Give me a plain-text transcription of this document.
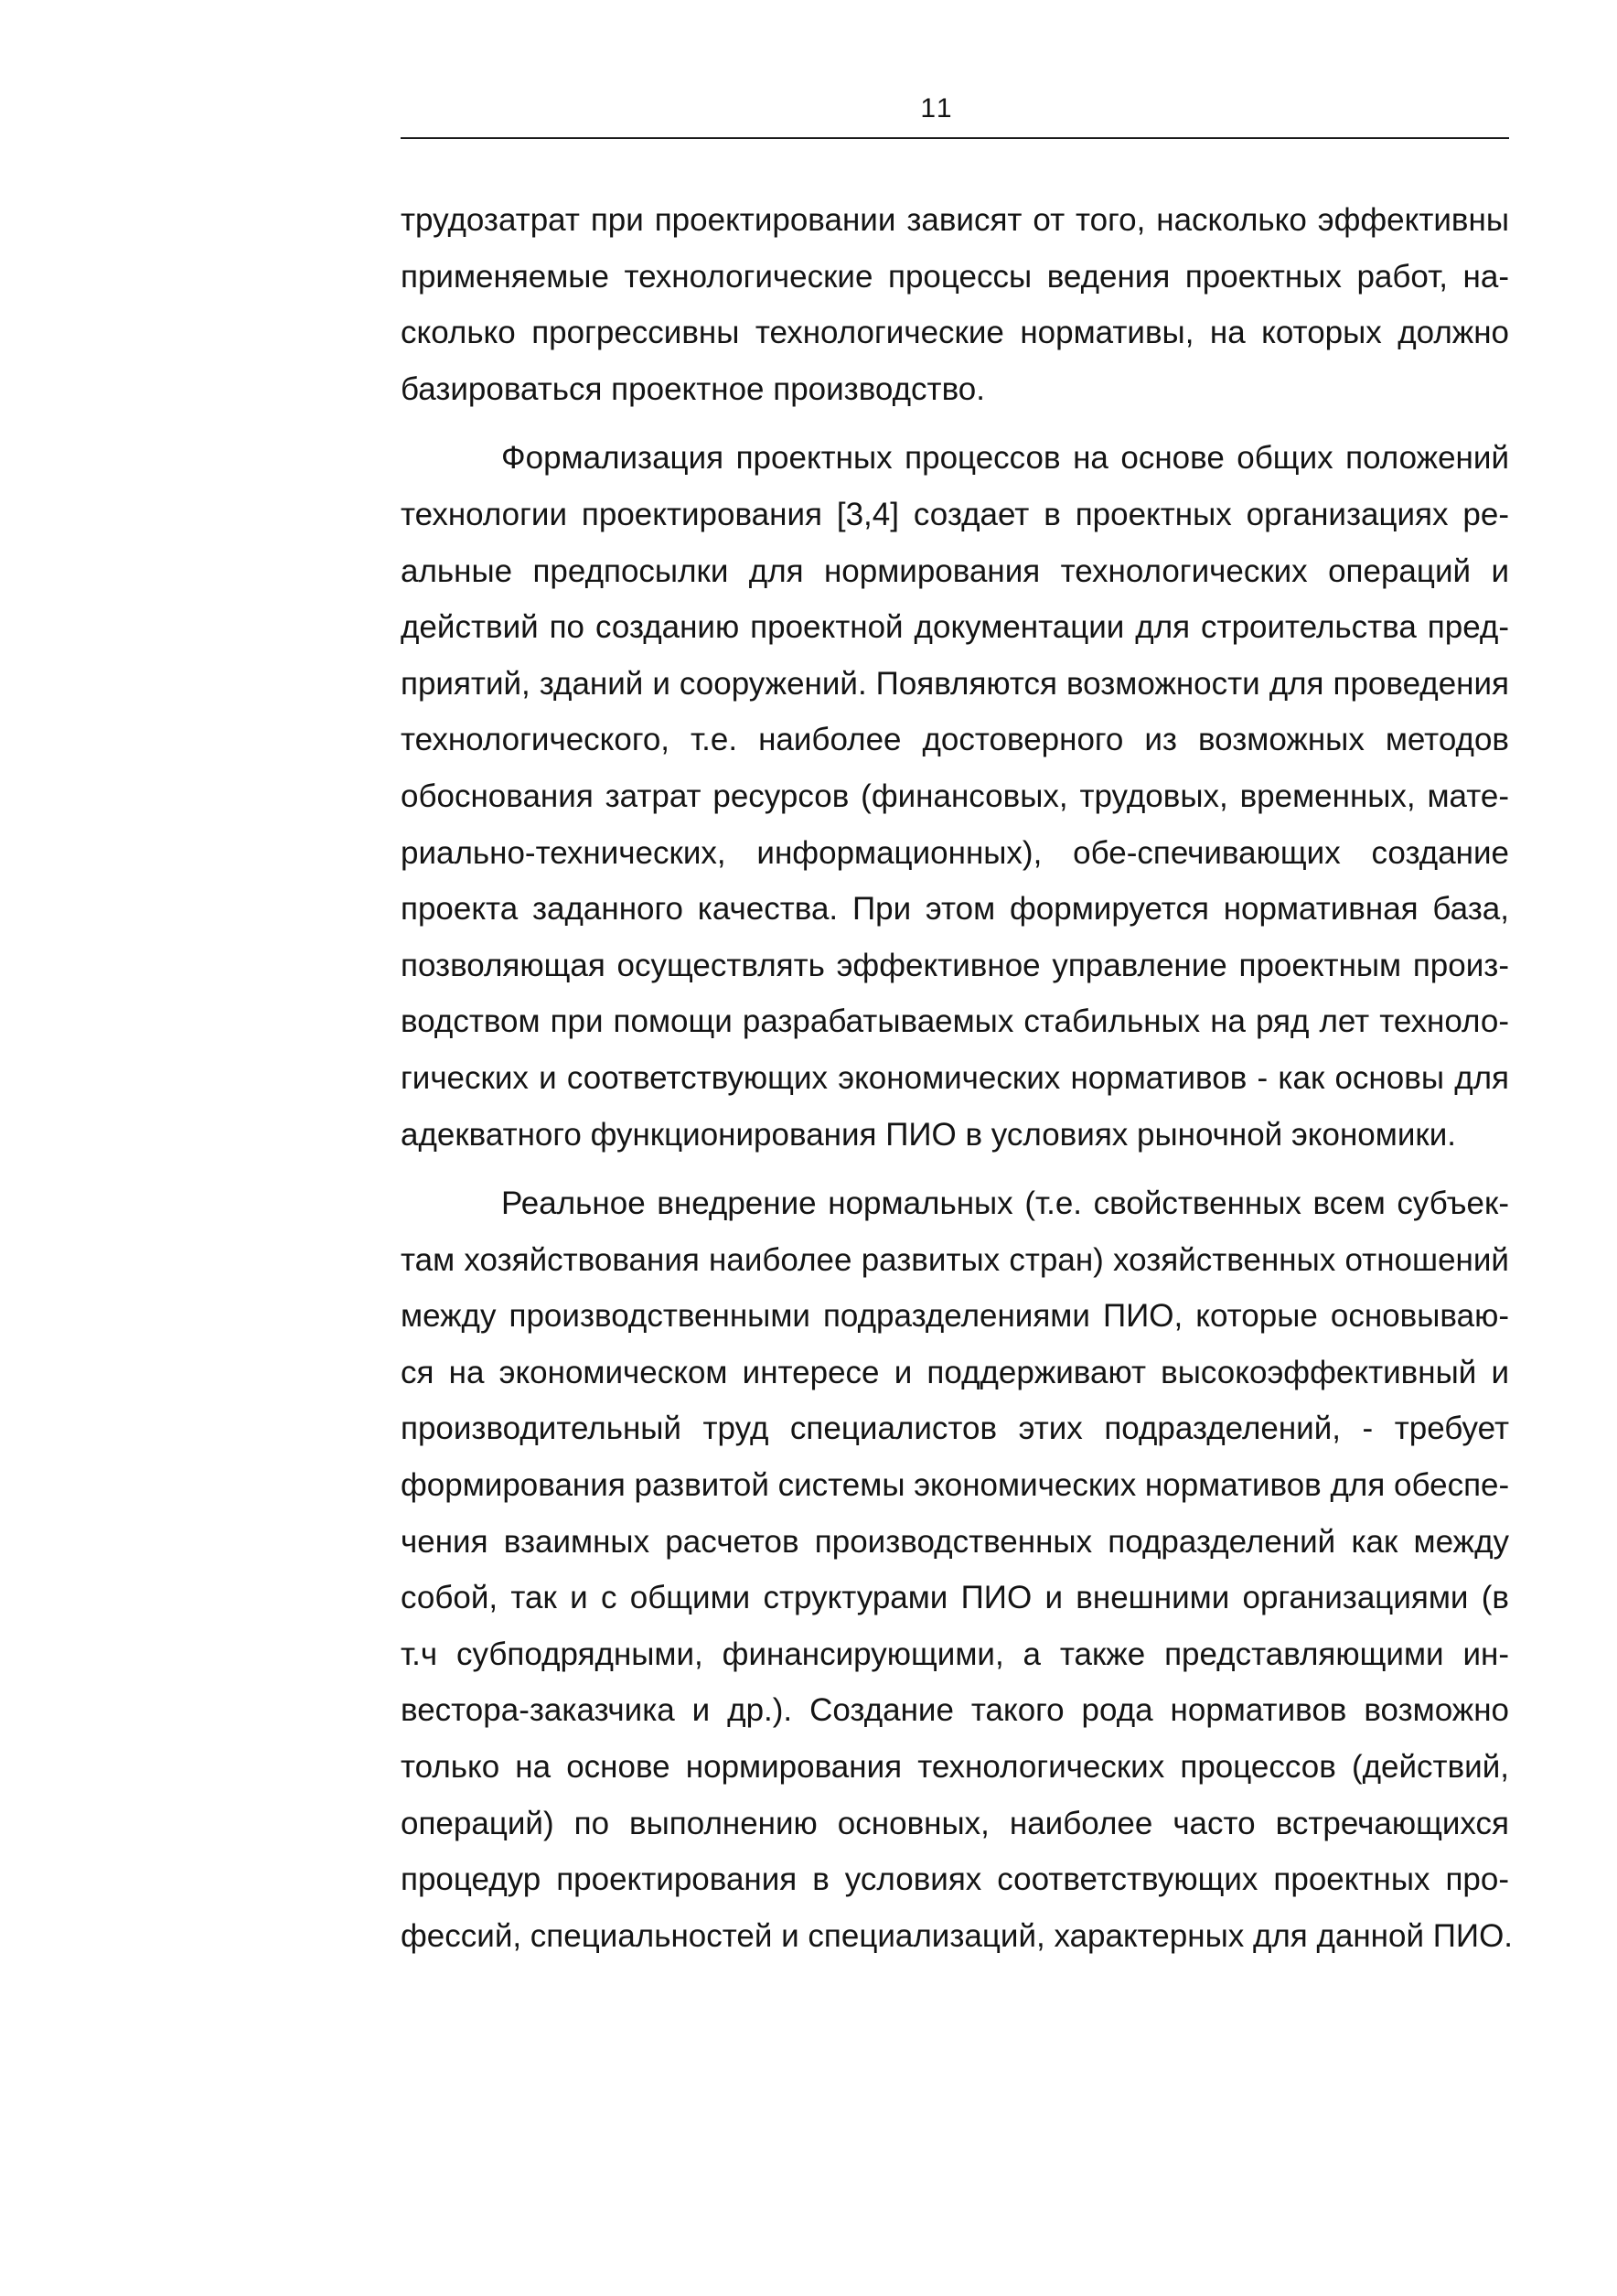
11

трудозатрат при проектировании зависят от того, насколько эффективны
применяемые технологические процессы ведения проектных работ, на-
сколько прогрессивны технологические нормативы, на которых должно
базироваться проектное производство.

Формализация проектных процессов на основе общих положений
технологии проектирования [3,4] создает в проектных организациях ре-
альные предпосылки для нормирования технологических операций и
действий по созданию проектной документации для строительства пред-
приятий, зданий и сооружений. Появляются возможности для проведения
технологического, т.е. наиболее достоверного из возможных методов
обоснования затрат ресурсов (финансовых, трудовых, временных, мате-
риально-технических, информационных), обе-спечивающих создание
проекта заданного качества. При этом формируется нормативная база,
позволяющая осуществлять эффективное управление проектным произ-
водством при помощи разрабатываемых стабильных на ряд лет техноло-
гических и соответствующих экономических нормативов - как основы для
адекватного функционирования ПИО в условиях рыночной экономики.

Реальное внедрение нормальных (т.е. свойственных всем субъек-
там хозяйствования наиболее развитых стран) хозяйственных отношений
между производственными подразделениями ПИО, которые основываю-
ся на экономическом интересе и поддерживают высокоэффективный и
производительный труд специалистов этих подразделений, - требует
формирования развитой системы экономических нормативов для обеспе-
чения взаимных расчетов производственных подразделений как между
собой, так и с общими структурами ПИО и внешними организациями (в
т.ч субподрядными, финансирующими, а также представляющими ин-
вестора-заказчика и др.). Создание такого рода нормативов возможно
только на основе нормирования технологических процессов (действий,
операций) по выполнению основных, наиболее часто встречающихся
процедур проектирования в условиях соответствующих проектных про-
фессий, специальностей и специализаций, характерных для данной ПИО.
